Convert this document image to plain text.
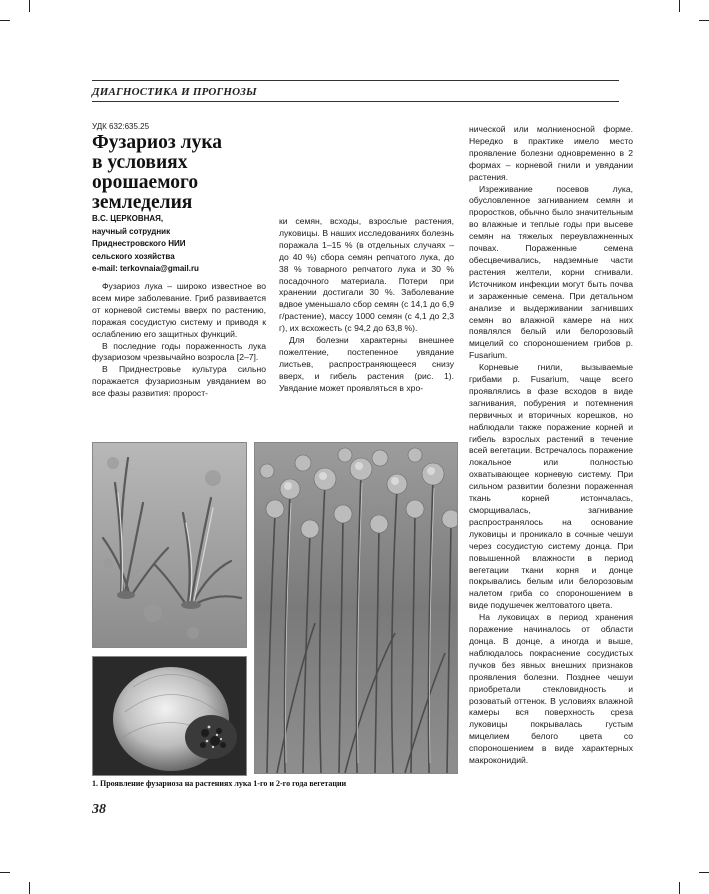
ДИАГНОСТИКА И ПРОГНОЗЫ
УДК 632:635.25
Фузариоз лука
в условиях
орошаемого земледелия
В.С. ЦЕРКОВНАЯ,
научный сотрудник
Приднестровского НИИ
сельского хозяйства
e-mail: terkovnaia@gmail.ru

Фузариоз лука – широко известное во всем мире заболевание. Гриб развивается от корневой системы вверх по растению, поражая сосудистую систему и приводя к ослаблению его защитных функций.

В последние годы пораженность лука фузариозом чрезвычайно возросла [2–7].

В Приднестровье культура сильно поражается фузариозным увяданием во все фазы развития: пророст-

ки семян, всходы, взрослые растения, луковицы. В наших исследованиях болезнь поражала 1–15 % (в отдельных случаях – до 40 %) сбора семян репчатого лука, до 38 % товарного репчатого лука и 30 % посадочного материала. Потери при хранении достигали 30 %. Заболевание вдвое уменьшало сбор семян (с 14,1 до 6,9 г/растение), массу 1000 семян (с 4,1 до 2,3 г), их всхожесть (с 94,2 до 63,8 %).

Для болезни характерны внешнее пожелтение, постепенное увядание листьев, распространяющееся снизу вверх, и гибель растения (рис. 1). Увядание может проявляться в хро-

нической или молниеносной форме. Нередко в практике имело место проявление болезни одновременно в 2 формах – корневой гнили и увядании растения.

Изреживание посевов лука, обусловленное загниванием семян и проростков, обычно было значительным во влажные и теплые годы при высеве семян на тяжелых переувлажненных почвах. Пораженные семена обесцвечивались, надземные части растения желтели, корни сгнивали. Источником инфекции могут быть почва и зараженные семена. При детальном анализе и выдерживании загнивших семян во влажной камере на них появлялся белый или белорозовый мицелий со спороношением грибов р. Fusarium.

Корневые гнили, вызываемые грибами р. Fusarium, чаще всего проявлялись в фазе всходов в виде загнивания, побурения и потемнения первичных и вторичных корешков, но наблюдали также поражение корней и гибель взрослых растений в течение всей вегетации. Встречалось поражение локальное или полностью охватывающее корневую систему. При сильном развитии болезни пораженная ткань корней истончалась, сморщивалась, загнивание распространялось на основание луковицы и проникало в сочные чешуи через сосудистую систему донца. При повышенной влажности в период вегетации ткани корня и донце покрывались белым или белорозовым налетом гриба со спороношением в виде подушечек желтоватого цвета.

На луковицах в период хранения поражение начиналось от области донца. В донце, а иногда и выше, наблюдалось покраснение сосудистых пучков без явных внешних признаков проявления болезни. Позднее чешуи приобретали стекловидность и розоватый оттенок. В условиях влажной камеры вся поверхность среза луковицы покрывалась густым мицелием белого цвета со спороношением в виде характерных макроконидий.

1. Проявление фузариоза на растениях лука 1-го и 2-го года вегетации
38
